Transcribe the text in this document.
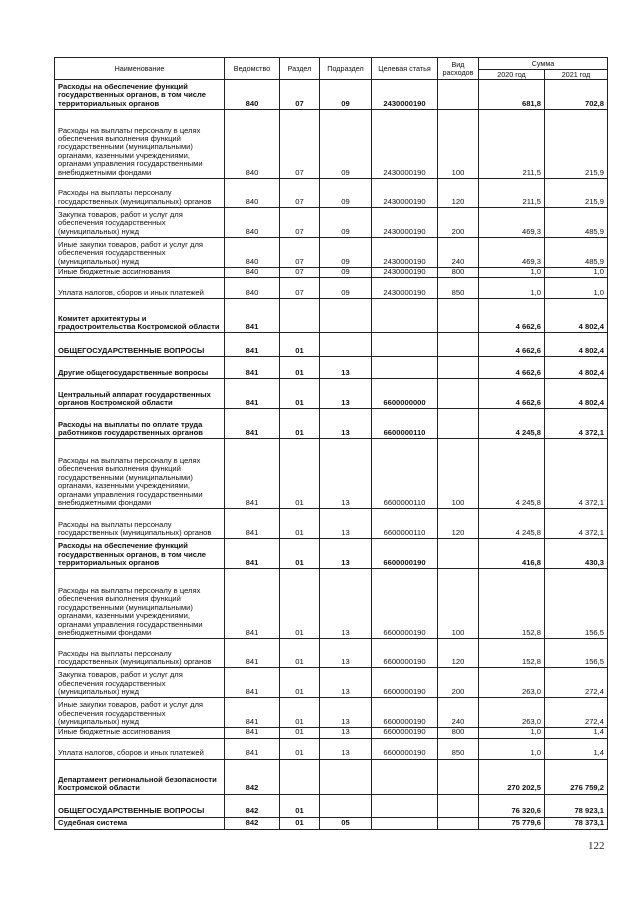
Наименование	Ведомство	Раздел	Подраздел	Целевая статья	Вид расходов	Сумма	
						2020 год	2021 год
Расходы на обеспечение функций государственных органов, в том числе территориальных органов	840	07	09	2430000190		681,8	702,8
Расходы на выплаты персоналу в целях обеспечения выполнения функций государственными (муниципальными) органами, казенными учреждениями, органами управления государственными внебюджетными фондами	840	07	09	2430000190	100	211,5	215,9
Расходы на выплаты персоналу государственных (муниципальных) органов	840	07	09	2430000190	120	211,5	215,9
Закупка товаров, работ и услуг для обеспечения государственных (муниципальных) нужд	840	07	09	2430000190	200	469,3	485,9
Иные закупки товаров, работ и услуг для обеспечения государственных (муниципальных) нужд	840	07	09	2430000190	240	469,3	485,9
Иные бюджетные ассигнования	840	07	09	2430000190	800	1,0	1,0
Уплата налогов, сборов и иных платежей	840	07	09	2430000190	850	1,0	1,0
Комитет архитектуры и градостроительства Костромской области	841					4 662,6	4 802,4
ОБЩЕГОСУДАРСТВЕННЫЕ ВОПРОСЫ	841	01				4 662,6	4 802,4
Другие общегосударственные вопросы	841	01	13			4 662,6	4 802,4
Центральный аппарат государственных органов Костромской области	841	01	13	6600000000		4 662,6	4 802,4
Расходы на выплаты по оплате труда работников государственных органов	841	01	13	6600000110		4 245,8	4 372,1
Расходы на выплаты персоналу в целях обеспечения выполнения функций государственными (муниципальными) органами, казенными учреждениями, органами управления государственными внебюджетными фондами	841	01	13	6600000110	100	4 245,8	4 372,1
Расходы на выплаты персоналу государственных (муниципальных) органов	841	01	13	6600000110	120	4 245,8	4 372,1
Расходы на обеспечение функций государственных органов, в том числе территориальных органов	841	01	13	6600000190		416,8	430,3
Расходы на выплаты персоналу в целях обеспечения выполнения функций государственными (муниципальными) органами, казенными учреждениями, органами управления государственными внебюджетными фондами	841	01	13	6600000190	100	152,8	156,5
Расходы на выплаты персоналу государственных (муниципальных) органов	841	01	13	6600000190	120	152,8	156,5
Закупка товаров, работ и услуг для обеспечения государственных (муниципальных) нужд	841	01	13	6600000190	200	263,0	272,4
Иные закупки товаров, работ и услуг для обеспечения государственных (муниципальных) нужд	841	01	13	6600000190	240	263,0	272,4
Иные бюджетные ассигнования	841	01	13	6600000190	800	1,0	1,4
Уплата налогов, сборов и иных платежей	841	01	13	6600000190	850	1,0	1,4
Департамент региональной безопасности Костромской области	842					270 202,5	276 759,2
ОБЩЕГОСУДАРСТВЕННЫЕ ВОПРОСЫ	842	01				76 320,6	78 923,1
Судебная система	842	01	05			75 779,6	78 373,1
122
